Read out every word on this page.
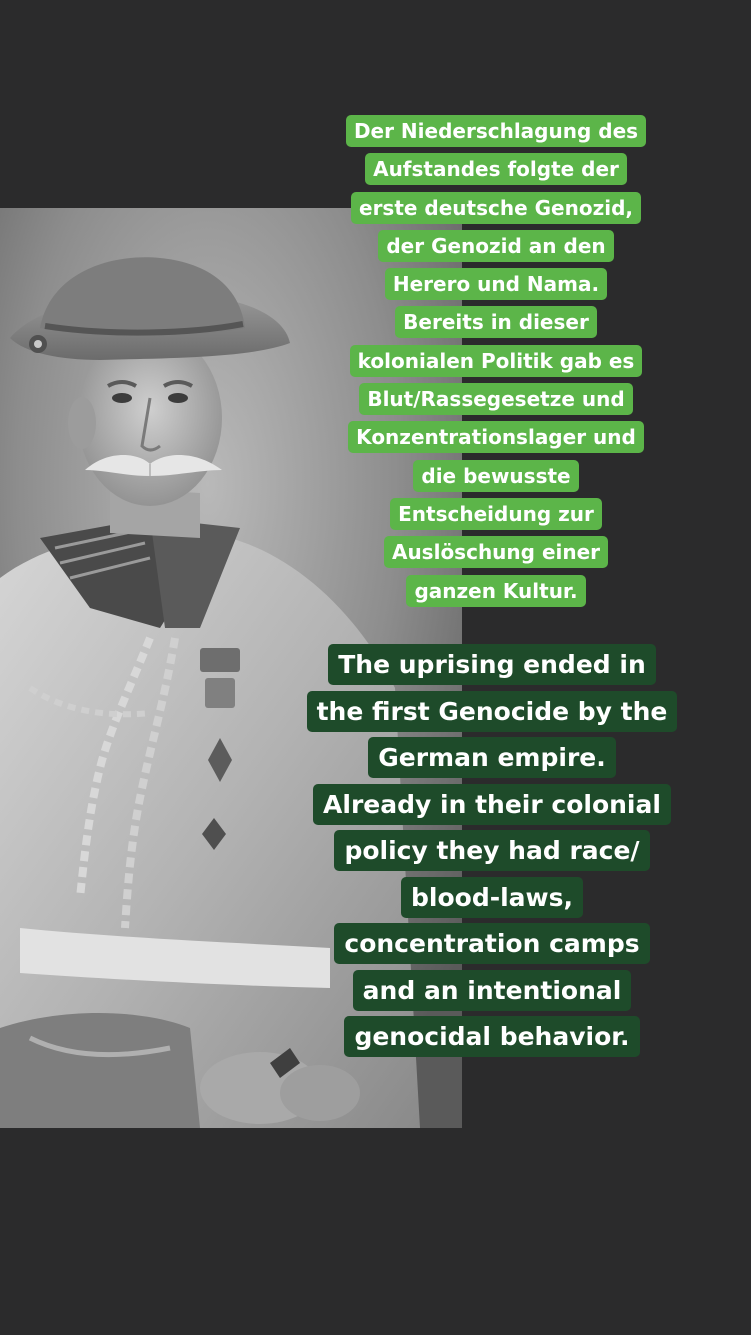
Der Niederschlagung des
Aufstandes folgte der
erste deutsche Genozid,
der Genozid an den
Herero und Nama.
Bereits in dieser
kolonialen Politik gab es
Blut/Rassegesetze und
Konzentrationslager und
die bewusste
Entscheidung zur
Auslöschung einer
ganzen Kultur.

The uprising ended in
the first Genocide by the
German empire.
Already in their colonial
policy they had race/
blood-laws,
concentration camps
and an intentional
genocidal behavior.
